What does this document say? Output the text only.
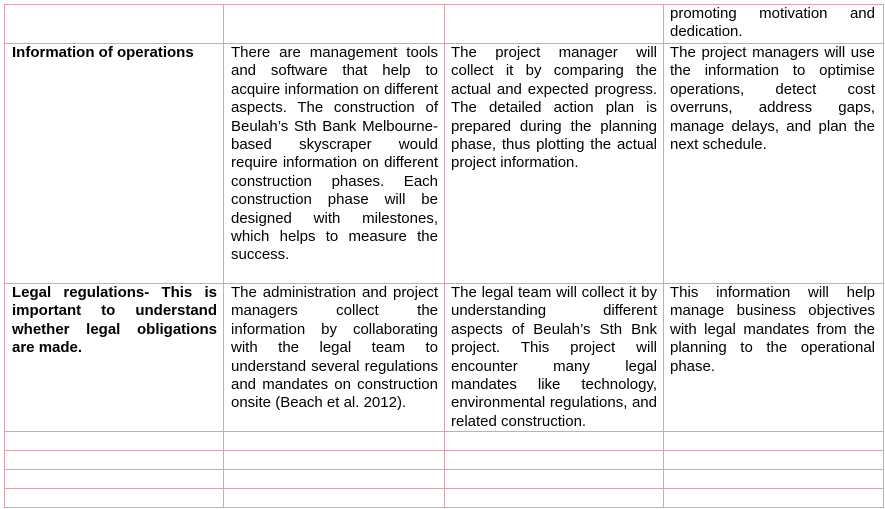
			promoting motivation and dedication.
Information of operations	There are management tools and software that help to acquire information on different aspects. The construction of Beulah’s Sth Bank Melbourne-based skyscraper would require information on different construction phases. Each construction phase will be designed with milestones, which helps to measure the success.	The project manager will collect it by comparing the actual and expected progress. The detailed action plan is prepared during the planning phase, thus plotting the actual project information.	The project managers will use the information to optimise operations, detect cost overruns, address gaps, manage delays, and plan the next schedule.
Legal regulations- This is important to understand whether legal obligations are made.	The administration and project managers collect the information by collaborating with the legal team to understand several regulations and mandates on construction onsite (Beach et al. 2012).	The legal team will collect it by understanding different aspects of Beulah’s Sth Bnk project. This project will encounter many legal mandates like technology, environmental regulations, and related construction.	This information will help manage business objectives with legal mandates from the planning to the operational phase.
